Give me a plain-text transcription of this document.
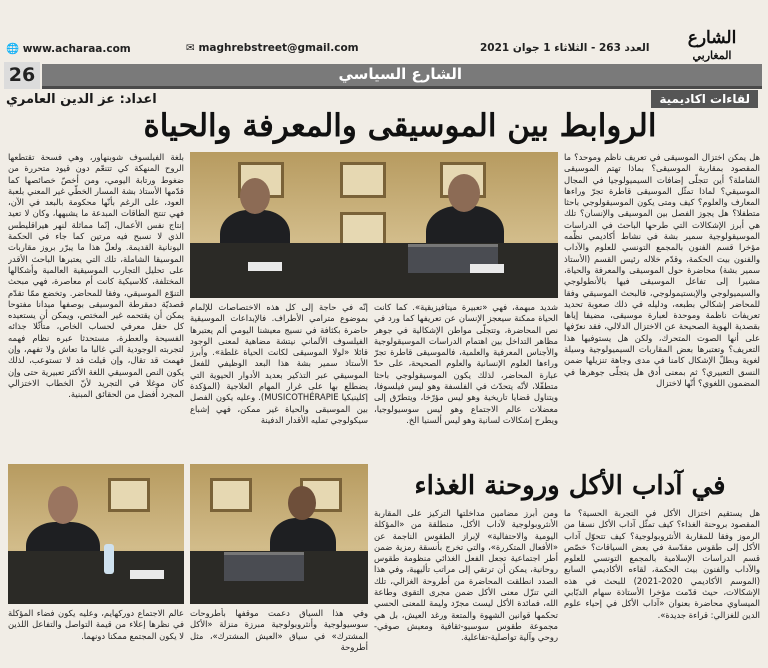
🌐 www.acharaa.com	✉ maghrebstreet@gmail.com	العدد 263 - الثلاثاء 1 جوان 2021	الشارع
المغاربي
26	الشارع السياسي
اعداد: عز الدين العامري	لقاءات اكاديمية
الروابط بين الموسيقى والمعرفة والحياة
هل يمكن اختزال الموسيقى في تعريف ناظم وموحد؟ ما المقصود بمقاربة الموسيقى؟ بماذا تهتم الموسيقى الشاملة؟ أين تتجلّى إضافات السيميولوجيا في المجال الموسيقي؟ لماذا تمثّل الموسيقى قاطرة تجرّ وراءها المعارف والعلوم؟ كيف ومتى يكون الموسيقولوجي باحثا متطفلا؟ هل يجوز الفصل بين الموسيقى والإنسان؟ تلك هي أبرز الإشكالات التي طرحها الباحث في الدراسات الموسيقولوجية سمير بشة في نشاط أكاديمي نظّمه مؤخرا قسم الفنون بالمجمع التونسي للعلوم والآداب والفنون بيت الحكمة، وقدّم خلاله رئيس القسم (الأستاذ سمير بشة) محاضرة حول الموسيقى والمعرفة والحياة، مشيرا إلى تفاعل الموسيقى فيها بالأنطولوجي والسيميولوجي والإبستيمولوجي، فالبحث الموسيقي وفقا للمحاضر إشكالي بطبعه، ودليله في ذلك صعوبة تحديد تعريفات ناظمة وموحدة لعبارة موسيقى، مضيفا إياها بقصدية الهوية الصحيحة عن الاختزال الدلالي، فقد نعرّفها على أنها الصوت المتحرك، ولكن هل يستوفيها هذا التعريف؟ وتعتبرها بعض المقاربات السيميولوجية وسيلة لغوية وبطلّ الإشكال كامنا في مدى وجاهة تنزيلها ضمن النسق التعبيري؟ ثم بمعنى أدق هل يتجلّى جوهرها في المضمون اللغوي؟ أنّها لاختزال
بلغة الفيلسوف شوبنهاور، وهي فسحة تقتطعها الروح المنهكة كي تتنعّم دون قيود متحررة من ضغوط ورتابة اليومي، ومن أخصّ خصائصها كما قدّمها الأستاذ بشة المسار الخطّي غير المعني بلعبة العود، على الرغم بأنّها محكومة بالبعد في الآن، فهي تنتج الطاقات المبدعة ما يشبهها، وكان لا تعيد إنتاج نفس الأعمال، إنّما مماثلة لنهر هيراقليطس الذي لا نسبح فيه مرتين كما جاء في الحكمة اليونانية القديمة. ولعلّ هذا ما يبرّر بروز مقاربات الموسيقا الشاملة، تلك التي يعتبرها الباحث الأقدر على تحليل التجارب الموسيقية العالمية وأشكالها المختلفة، كلاسيكية كانت أم معاصرة، فهي مبحث التنوّع الموسيقي، وفقا للمحاضر. وتخضع ممّا تقدّم قصديّة دمقرطة الموسيقى بوصفها ميدانا مفتوحا يمكن أن يقتحمه غير المختص، ويمكن أن يستعيده كل حقل معرفي لحساب الخاص، متأثّلا جذائه الفسيحة والعطرة، مستحدثا عبره نظام فهمه لتجربته الوجودية التي غالبا ما تعاش ولا تفهم، وإن فهمت قد تقال، وإن قيلت قد لا تستوعب، لذلك يكون النص الموسيقي اللغة الأكثر تعبيرية حتى وإن كان موغلا في التجريد لأنّ الخطاب الاختزالي المجرد أفضل من الحقائق المبنية.
شديد مبهمة، فهي «تعبيرة ميتافيزيقية». كما كانت الحياة ممكنة سيعجز الإنسان عن تعريفها كما ورد في نص المحاضرة، وتتجلّى مواطن الإشكالية في جوهر مظاهر التداخل بين اهتمام الدراسات الموسيقولوجية والأجناس المعرفية والعلمية، فالموسيقى قاطرة تجرّ وراءها العلوم الإنسانية والعلوم الصحيحة، على حدّ عبارة المحاضر، لذلك يكون الموسيقولوجي باحثا متطفّلا، لأنّه يتحدّث في الفلسفة وهو ليس فيلسوفا، ويتناول قضايا تاريخية وهو ليس مؤرّخا، ويتطرّق إلى معضلات عالم الاجتماع وهو ليس سوسيولوجيا، ويطرح إشكالات لسانية وهو ليس ألسنيا الخ.
إنّه في حاجة إلى كل هذه الاختصاصات للإلمام بموضوع مترامي الأطراف. فالإبداعات الموسيقية حاضرة بكثافة في نسيج معيشنا اليومي ألم يعتبرها الفيلسوف الألماني نيتشة مضاهية لمعنى الوجود قائلا «لولا الموسيقى لكانت الحياة غلطة». وأبرز الأستاذ سمير بشة هذا البعد الوظيفي للفعل الموسيقي عبر التذكير بعديد الأدوار الحيوية التي يضطلع بها على غرار المهام العلاجية (المؤكدة إكلينيكيا MUSICOTHÉRAPIE). وعليه يكون الفصل بين الموسيقى والحياة غير ممكن، فهي إشباع سيكولوجي تمليه الأقدار الدفينة
في آداب الأكل وروحنة الغذاء
هل يستقيم اختزال الأكل في التجربة الحسية؟ ما المقصود بروحنة الغذاء؟ كيف تمثّل آداب الأكل نسقا من الرموز وفقا للمقاربة الأنثروبولوجية؟ كيف تتحوّل آداب الأكل إلى طقوس مقدّسة في بعض السياقات؟ خصّص قسم الدراسات الإسلامية بالمجمع التونسي للعلوم والآداب والفنون بيت الحكمة، لقاءه الأكاديمي السابع (الموسم الأكاديمي 2020-2021) للبحث في هذه الإشكالات، حيث قدّمت مؤخرا الأستاذة سهام الدبّابي الميساوي محاضرة بعنوان «آداب الأكل في إحياء علوم الدين للغزالي: قراءة جديدة».
ومن أبرز مضامين مداخلتها التركيز على المقاربة الأنثروبولوجية لآداب الأكل، منطلقة من «المؤكلة اليومية والاحتفالية» لإبراز الطقوس الناجمة عن «الأفعال المتكررة»، والتي تخرج بأنسقة رمزية ضمن أطر اجتماعية تجعل الفعل الغذائي منظومة طقوس روحانية، يمكن أن ترتقي إلى مراتب تأليهية، وفي هذا الصدد انطلقت المحاضرة من أطروحة الغزالي، تلك التي تنزّل معنى الأكل ضمن مجرى التقوى وطاعة الله، فمائدة الأكل ليست مجرّد وليمة للمعنى الحسي تحكمها قوانين الشهوة والمتعة ورغد العيش، بل هي مجموعة طقوس سوسيو-ثقافية ومعيش صوفي-روحي وآلية تواصلية-تفاعلية.
وفي هذا السياق دعمت موقفها بأطروحات سوسيولوجية وأنثروبولوجية مبرزة منزلة «الأكل المشترك» في سياق «العيش المشترك»، مثل أطروحة
عالم الاجتماع دوركهايم، وعليه يكون فضاء المؤكلة في نظرها إعلاء من قيمة التواصل والتفاعل اللذين لا يكون المجتمع ممكنا دونهما.
